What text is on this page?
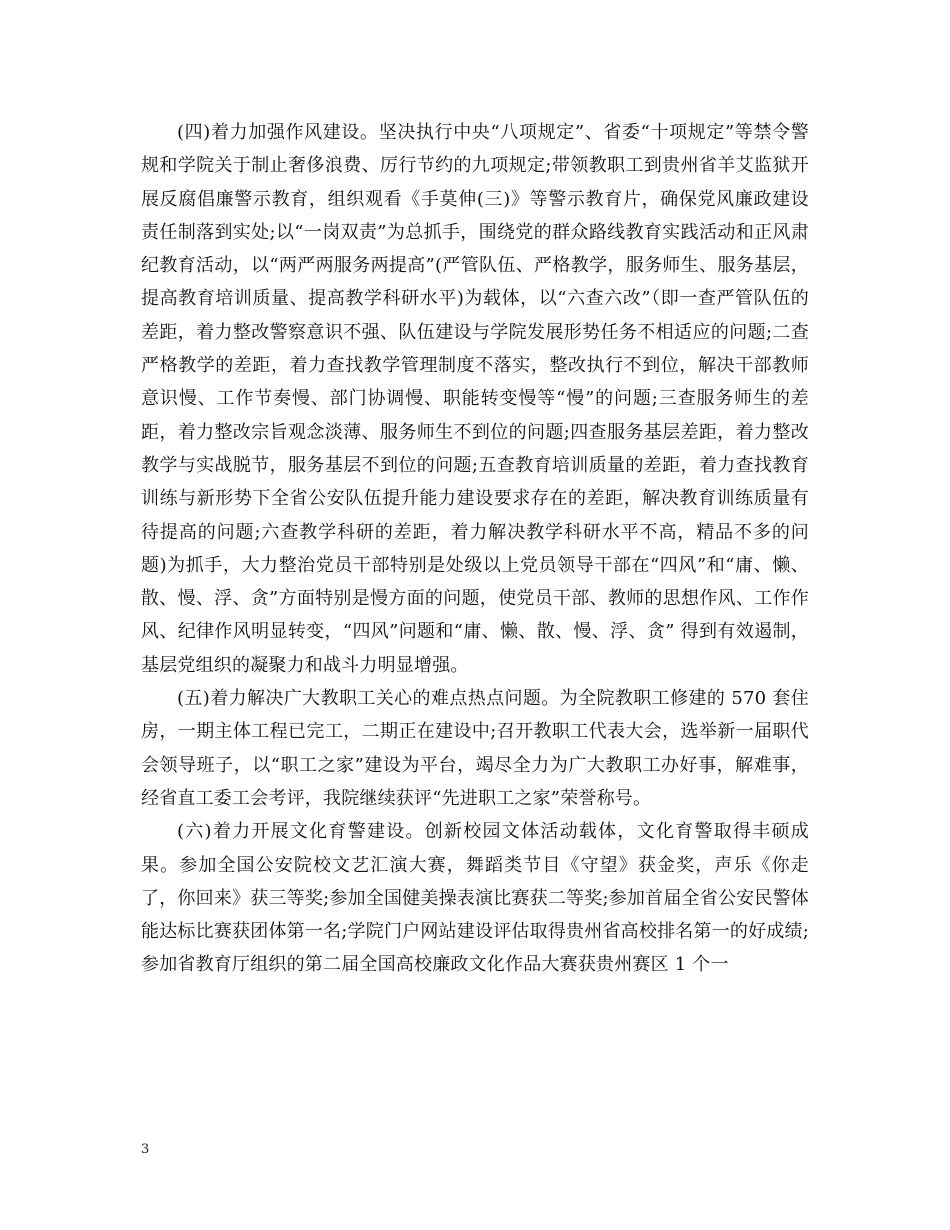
(四)着力加强作风建设。坚决执行中央“八项规定”、省委“十项规定”等禁令警规和学院关于制止奢侈浪费、厉行节约的九项规定;带领教职工到贵州省羊艾监狱开展反腐倡廉警示教育，组织观看《手莫伸(三)》等警示教育片，确保党风廉政建设责任制落到实处;以“一岗双责”为总抓手，围绕党的群众路线教育实践活动和正风肃纪教育活动，以“两严两服务两提高”(严管队伍、严格教学，服务师生、服务基层，提高教育培训质量、提高教学科研水平)为载体，以“六查六改”（即一查严管队伍的差距，着力整改警察意识不强、队伍建设与学院发展形势任务不相适应的问题;二查严格教学的差距，着力查找教学管理制度不落实，整改执行不到位，解决干部教师意识慢、工作节奏慢、部门协调慢、职能转变慢等“慢”的问题;三查服务师生的差距，着力整改宗旨观念淡薄、服务师生不到位的问题;四查服务基层差距，着力整改教学与实战脱节，服务基层不到位的问题;五查教育培训质量的差距，着力查找教育训练与新形势下全省公安队伍提升能力建设要求存在的差距，解决教育训练质量有待提高的问题;六查教学科研的差距，着力解决教学科研水平不高，精品不多的问题)为抓手，大力整治党员干部特别是处级以上党员领导干部在“四风”和“庸、懒、散、慢、浮、贪”方面特别是慢方面的问题，使党员干部、教师的思想作风、工作作风、纪律作风明显转变，“四风”问题和“庸、懒、散、慢、浮、贪” 得到有效遏制，基层党组织的凝聚力和战斗力明显增强。

(五)着力解决广大教职工关心的难点热点问题。为全院教职工修建的 570 套住房，一期主体工程已完工，二期正在建设中;召开教职工代表大会，选举新一届职代会领导班子，以“职工之家”建设为平台，竭尽全力为广大教职工办好事，解难事，经省直工委工会考评，我院继续获评“先进职工之家”荣誉称号。

(六)着力开展文化育警建设。创新校园文体活动载体，文化育警取得丰硕成果。参加全国公安院校文艺汇演大赛，舞蹈类节目《守望》获金奖，声乐《你走了，你回来》获三等奖;参加全国健美操表演比赛获二等奖;参加首届全省公安民警体能达标比赛获团体第一名;学院门户网站建设评估取得贵州省高校排名第一的好成绩;参加省教育厅组织的第二届全国高校廉政文化作品大赛获贵州赛区 1 个一

3
